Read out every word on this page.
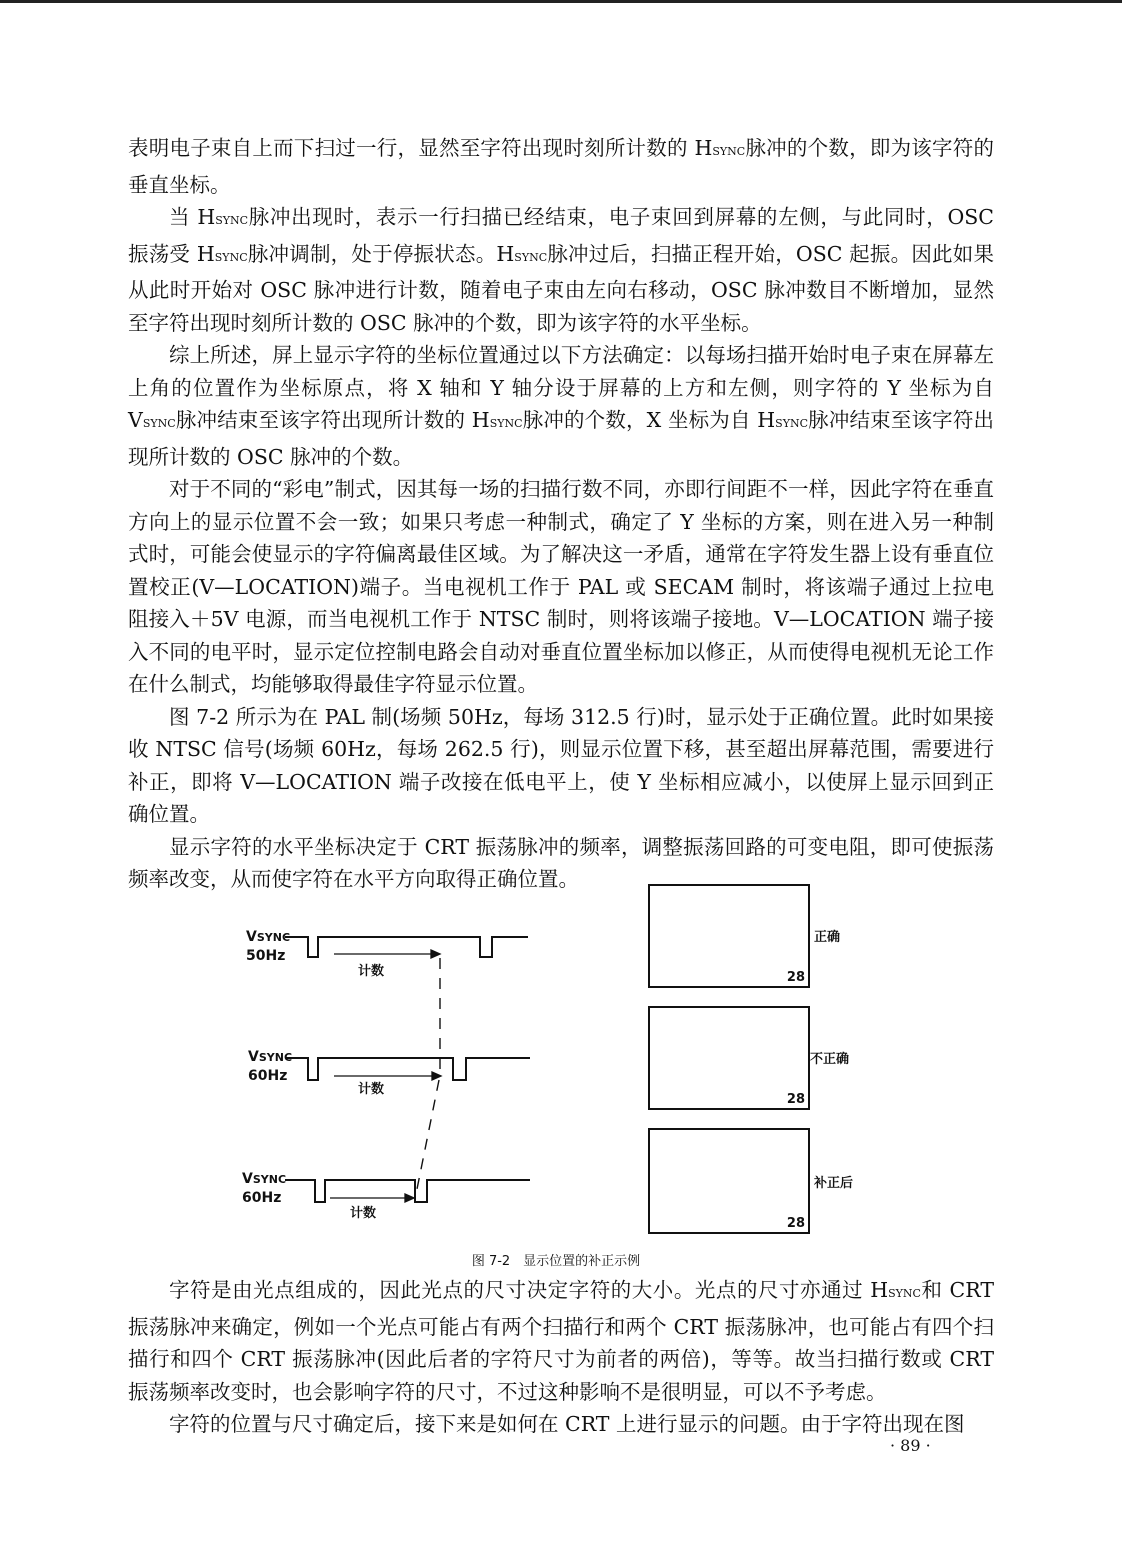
表明电子束自上而下扫过一行，显然至字符出现时刻所计数的 HSYNC脉冲的个数，即为该字符的垂直坐标。

当 HSYNC脉冲出现时，表示一行扫描已经结束，电子束回到屏幕的左侧，与此同时，OSC 振荡受 HSYNC脉冲调制，处于停振状态。HSYNC脉冲过后，扫描正程开始，OSC 起振。因此如果从此时开始对 OSC 脉冲进行计数，随着电子束由左向右移动，OSC 脉冲数目不断增加，显然至字符出现时刻所计数的 OSC 脉冲的个数，即为该字符的水平坐标。

综上所述，屏上显示字符的坐标位置通过以下方法确定：以每场扫描开始时电子束在屏幕左上角的位置作为坐标原点，将 X 轴和 Y 轴分设于屏幕的上方和左侧，则字符的 Y 坐标为自 VSYNC脉冲结束至该字符出现所计数的 HSYNC脉冲的个数，X 坐标为自 HSYNC脉冲结束至该字符出现所计数的 OSC 脉冲的个数。

对于不同的“彩电”制式，因其每一场的扫描行数不同，亦即行间距不一样，因此字符在垂直方向上的显示位置不会一致；如果只考虑一种制式，确定了 Y 坐标的方案，则在进入另一种制式时，可能会使显示的字符偏离最佳区域。为了解决这一矛盾，通常在字符发生器上设有垂直位置校正(V—LOCATION)端子。当电视机工作于 PAL 或 SECAM 制时，将该端子通过上拉电阻接入＋5V 电源，而当电视机工作于 NTSC 制时，则将该端子接地。V—LOCATION 端子接入不同的电平时，显示定位控制电路会自动对垂直位置坐标加以修正，从而使得电视机无论工作在什么制式，均能够取得最佳字符显示位置。

图 7-2 所示为在 PAL 制(场频 50Hz，每场 312.5 行)时，显示处于正确位置。此时如果接收 NTSC 信号(场频 60Hz，每场 262.5 行)，则显示位置下移，甚至超出屏幕范围，需要进行补正，即将 V—LOCATION 端子改接在低电平上，使 Y 坐标相应减小，以使屏上显示回到正确位置。

显示字符的水平坐标决定于 CRT 振荡脉冲的频率，调整振荡回路的可变电阻，即可使振荡频率改变，从而使字符在水平方向取得正确位置。

VSYNC
50Hz
计数
VSYNC
60Hz
计数
VSYNC
60Hz
计数
28
正确
28
不正确
28
补正后
图 7-2　显示位置的补正示例

字符是由光点组成的，因此光点的尺寸决定字符的大小。光点的尺寸亦通过 HSYNC和 CRT 振荡脉冲来确定，例如一个光点可能占有两个扫描行和两个 CRT 振荡脉冲，也可能占有四个扫描行和四个 CRT 振荡脉冲(因此后者的字符尺寸为前者的两倍)，等等。故当扫描行数或 CRT 振荡频率改变时，也会影响字符的尺寸，不过这种影响不是很明显，可以不予考虑。

字符的位置与尺寸确定后，接下来是如何在 CRT 上进行显示的问题。由于字符出现在图

· 89 ·
